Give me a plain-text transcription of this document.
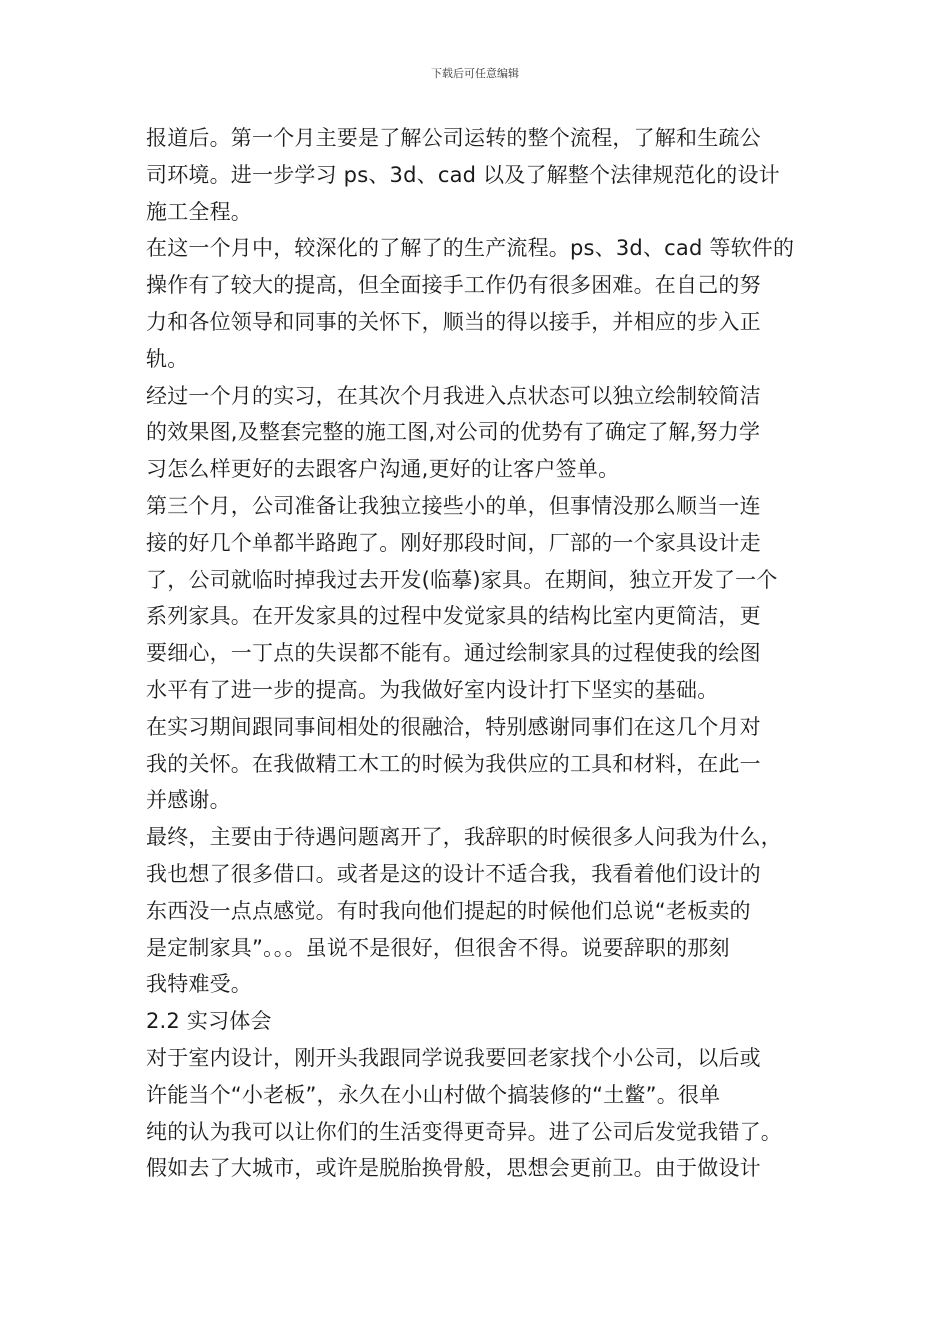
下载后可任意编辑
报道后。第一个月主要是了解公司运转的整个流程，了解和生疏公
司环境。进一步学习 ps、3d、cad 以及了解整个法律规范化的设计
施工全程。
在这一个月中，较深化的了解了的生产流程。ps、3d、cad 等软件的
操作有了较大的提高，但全面接手工作仍有很多困难。在自己的努
力和各位领导和同事的关怀下，顺当的得以接手，并相应的步入正
轨。
经过一个月的实习，在其次个月我进入点状态可以独立绘制较简洁
的效果图,及整套完整的施工图,对公司的优势有了确定了解,努力学
习怎么样更好的去跟客户沟通,更好的让客户签单。
第三个月，公司准备让我独立接些小的单，但事情没那么顺当一连
接的好几个单都半路跑了。刚好那段时间，厂部的一个家具设计走
了，公司就临时掉我过去开发(临摹)家具。在期间，独立开发了一个
系列家具。在开发家具的过程中发觉家具的结构比室内更简洁，更
要细心，一丁点的失误都不能有。通过绘制家具的过程使我的绘图
水平有了进一步的提高。为我做好室内设计打下坚实的基础。
在实习期间跟同事间相处的很融洽，特别感谢同事们在这几个月对
我的关怀。在我做精工木工的时候为我供应的工具和材料，在此一
并感谢。
最终，主要由于待遇问题离开了，我辞职的时候很多人问我为什么，
我也想了很多借口。或者是这的设计不适合我，我看着他们设计的
东西没一点点感觉。有时我向他们提起的时候他们总说“老板卖的
是定制家具”。。。虽说不是很好，但很舍不得。说要辞职的那刻
我特难受。
2.2 实习体会
对于室内设计，刚开头我跟同学说我要回老家找个小公司，以后或
许能当个“小老板”，永久在小山村做个搞装修的“土鳖”。很单
纯的认为我可以让你们的生活变得更奇异。进了公司后发觉我错了。
假如去了大城市，或许是脱胎换骨般，思想会更前卫。由于做设计
